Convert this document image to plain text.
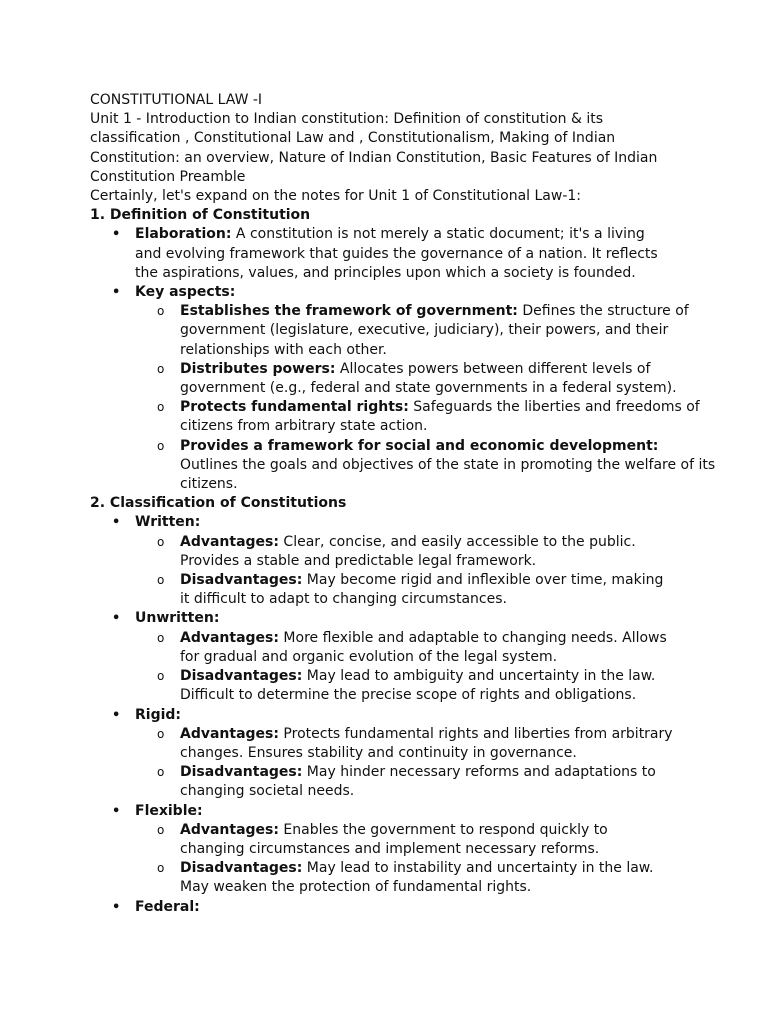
CONSTITUTIONAL LAW -I

Unit 1 - Introduction to Indian constitution: Definition of constitution & its classification , Constitutional Law and , Constitutionalism, Making of Indian Constitution: an overview, Nature of Indian Constitution, Basic Features of Indian Constitution Preamble

Certainly, let's expand on the notes for Unit 1 of Constitutional Law-1:

1. Definition of Constitution

• Elaboration: A constitution is not merely a static document; it's a living and evolving framework that guides the governance of a nation. It reflects the aspirations, values, and principles upon which a society is founded.
• Key aspects:
o Establishes the framework of government: Defines the structure of government (legislature, executive, judiciary), their powers, and their relationships with each other.
o Distributes powers: Allocates powers between different levels of government (e.g., federal and state governments in a federal system).
o Protects fundamental rights: Safeguards the liberties and freedoms of citizens from arbitrary state action.
o Provides a framework for social and economic development: Outlines the goals and objectives of the state in promoting the welfare of its citizens.

2. Classification of Constitutions

• Written:
o Advantages: Clear, concise, and easily accessible to the public. Provides a stable and predictable legal framework.
o Disadvantages: May become rigid and inflexible over time, making it difficult to adapt to changing circumstances.
• Unwritten:
o Advantages: More flexible and adaptable to changing needs. Allows for gradual and organic evolution of the legal system.
o Disadvantages: May lead to ambiguity and uncertainty in the law. Difficult to determine the precise scope of rights and obligations.
• Rigid:
o Advantages: Protects fundamental rights and liberties from arbitrary changes. Ensures stability and continuity in governance.
o Disadvantages: May hinder necessary reforms and adaptations to changing societal needs.
• Flexible:
o Advantages: Enables the government to respond quickly to changing circumstances and implement necessary reforms.
o Disadvantages: May lead to instability and uncertainty in the law. May weaken the protection of fundamental rights.
• Federal:
